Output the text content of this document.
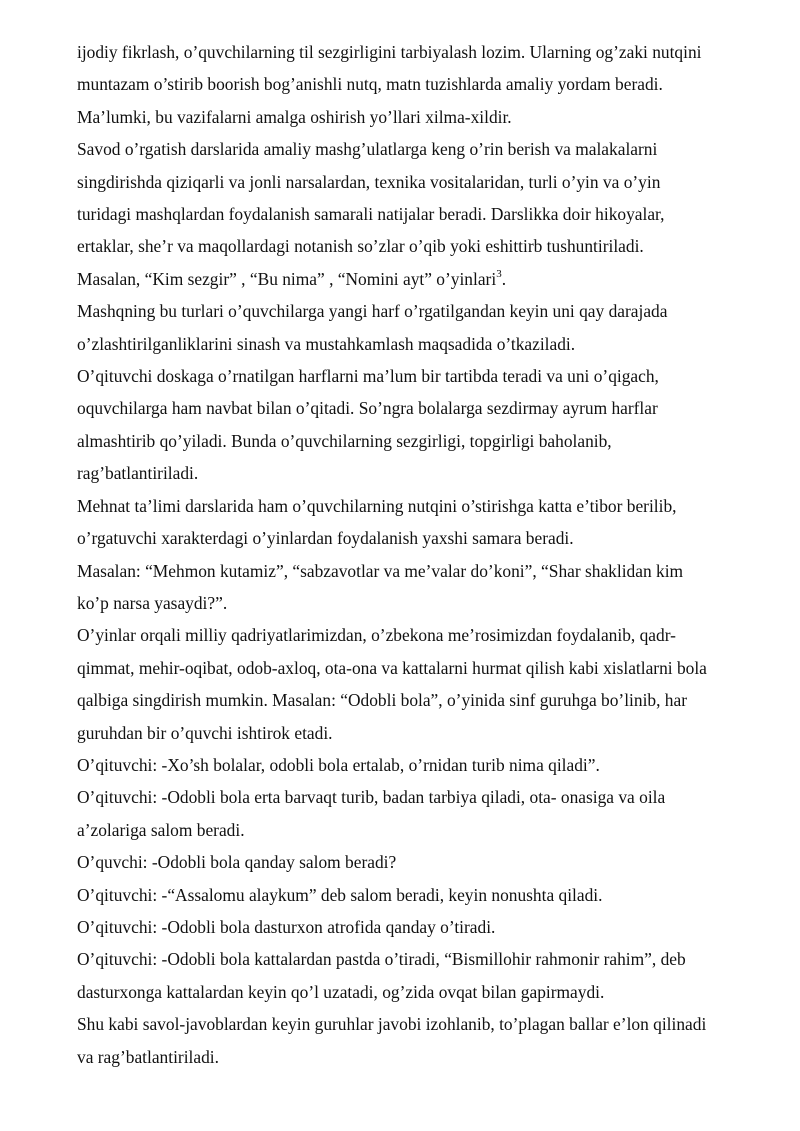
ijodiy fikrlash, o’quvchilarning til sezgirligini tarbiyalash lozim. Ularning og’zaki nutqini
muntazam o’stirib boorish bog’anishli nutq, matn tuzishlarda amaliy yordam beradi.
Ma’lumki, bu vazifalarni amalga oshirish yo’llari xilma-xildir.

Savod o’rgatish darslarida amaliy mashg’ulatlarga keng o’rin berish va malakalarni
singdirishda qiziqarli va jonli narsalardan, texnika vositalaridan, turli o’yin va o’yin
turidagi mashqlardan foydalanish samarali natijalar beradi. Darslikka doir hikoyalar,
ertaklar, she’r va maqollardagi notanish so’zlar o’qib yoki eshittirb tushuntiriladi.

Masalan, “Kim sezgir” , “Bu nima” , “Nomini ayt” o’yinlari$^3$.

Mashqning bu turlari o’quvchilarga yangi harf o’rgatilgandan keyin uni qay darajada
o’zlashtirilganliklarini sinash va mustahkamlash maqsadida o’tkaziladi.

O’qituvchi doskaga o’rnatilgan harflarni ma’lum bir tartibda teradi va uni o’qigach,
oquvchilarga ham navbat bilan o’qitadi. So’ngra bolalarga sezdirmay ayrum harflar
almashtirib qo’yiladi. Bunda o’quvchilarning sezgirligi, topgirligi baholanib,
rag’batlantiriladi.

Mehnat ta’limi darslarida ham o’quvchilarning nutqini o’stirishga katta e’tibor berilib,
o’rgatuvchi xarakterdagi o’yinlardan foydalanish yaxshi samara beradi.

Masalan: “Mehmon kutamiz”, “sabzavotlar va me’valar do’koni”, “Shar shaklidan kim
ko’p narsa yasaydi?”.

O’yinlar orqali milliy qadriyatlarimizdan, o’zbekona me’rosimizdan foydalanib, qadr-
qimmat, mehir-oqibat, odob-axloq, ota-ona va kattalarni hurmat qilish kabi xislatlarni bola
qalbiga singdirish mumkin. Masalan: “Odobli bola”, o’yinida sinf guruhga bo’linib, har
guruhdan bir o’quvchi ishtirok etadi.

O’qituvchi: -Xo’sh bolalar, odobli bola ertalab, o’rnidan turib nima qiladi”.

O’qituvchi: -Odobli bola erta barvaqt turib, badan tarbiya qiladi, ota- onasiga va oila
a’zolariga salom beradi.

O’quvchi: -Odobli bola qanday salom beradi?

O’qituvchi: -“Assalomu alaykum” deb salom beradi, keyin nonushta qiladi.

O’qituvchi: -Odobli bola dasturxon atrofida qanday o’tiradi.

O’qituvchi: -Odobli bola kattalardan pastda o’tiradi, “Bismillohir rahmonir rahim”, deb
dasturxonga kattalardan keyin qo’l uzatadi, og’zida ovqat bilan gapirmaydi.

Shu kabi savol-javoblardan keyin guruhlar javobi izohlanib, to’plagan ballar e’lon qilinadi
va rag’batlantiriladi.
